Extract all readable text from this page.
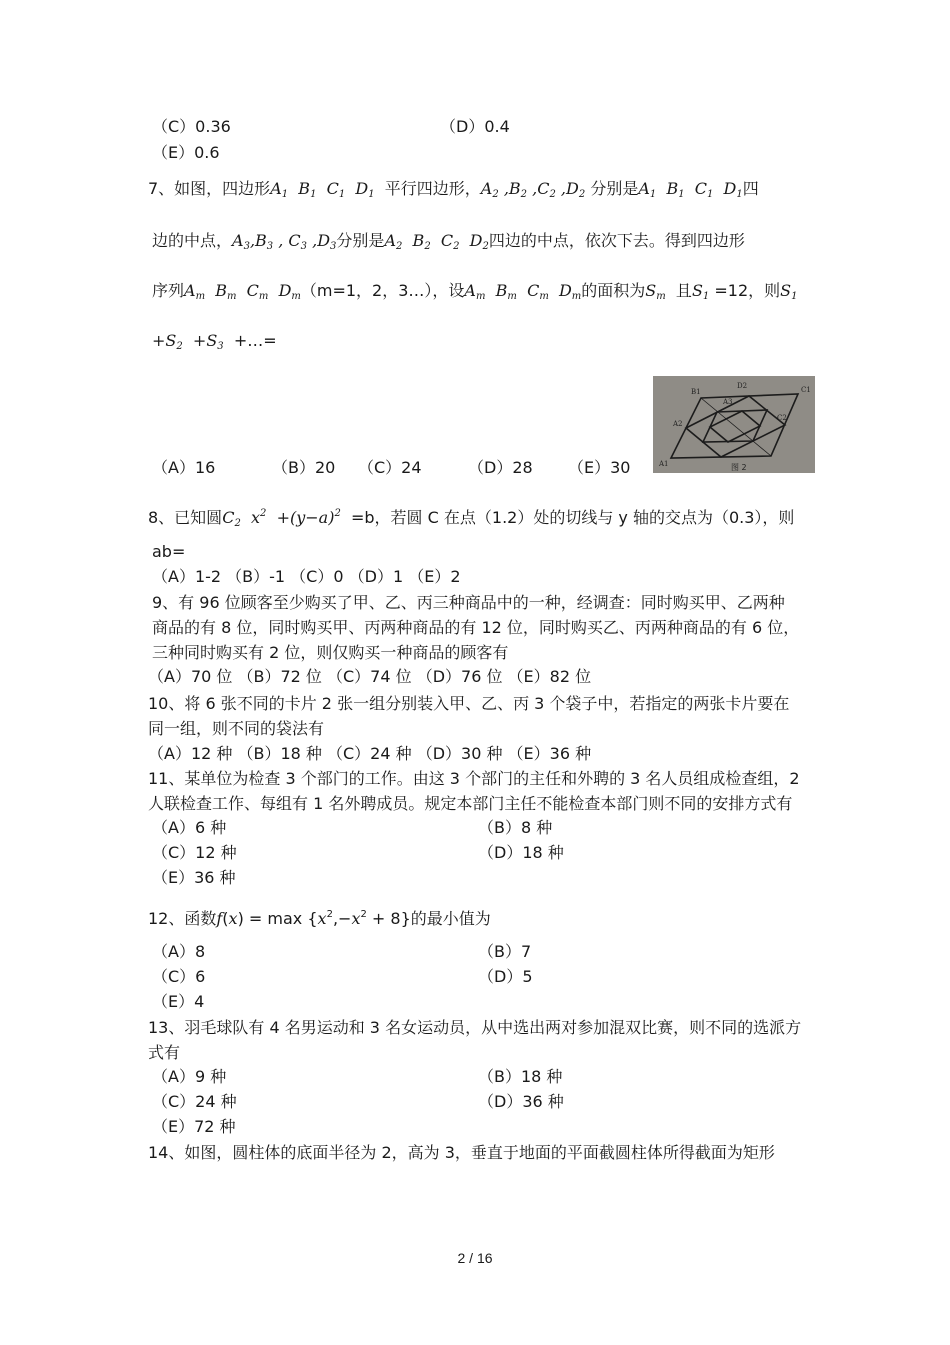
（C）0.36	（D）0.4
（E）0.6
7、如图，四边形$A_1$  $B_1$  $C_1$  $D_1$ 平行四边形，$A_2$ $,B_2$ $,C_2$ $,D_2$ 分别是$A_1$  $B_1$  $C_1$  $D_1$四
边的中点，$A_3,B_3$ , $C_3$ $,D_3$分别是$A_2$  $B_2$  $C_2$  $D_2$四边的中点，依次下去。得到四边形
序列$A_m$  $B_m$  $C_m$  $D_m(m=1$，2，3…），设$A_m$  $B_m$  $C_m$  $D_m$的面积为$S_m$ 且$S_1 =12$，则$S_1$
$+S_2 +S_3$ +…=
A1
B1	C1
D2
C2
A3
A2
图 2
（A）16	（B）20 （C）24	（D）28 （E）30
8、已知圆$C_2$  $x^2 +(y-a)^2 =b$，若圆 C 在点（1.2）处的切线与 y 轴的交点为（0.3），则
ab=
（A）1-2 （B）-1 （C）0 （D）1 （E）2
9、有 96 位顾客至少购买了甲、乙、丙三种商品中的一种，经调查：同时购买甲、乙两种
商品的有 8 位，同时购买甲、丙两种商品的有 12 位，同时购买乙、丙两种商品的有 6 位，
三种同时购买有 2 位，则仅购买一种商品的顾客有
（A）70 位 （B）72 位 （C）74 位 （D）76 位 （E）82 位
10、将 6 张不同的卡片 2 张一组分别装入甲、乙、丙 3 个袋子中，若指定的两张卡片要在
同一组，则不同的袋法有
（A）12 种 （B）18 种 （C）24 种 （D）30 种 （E）36 种
11、某单位为检查 3 个部门的工作。由这 3 个部门的主任和外聘的 3 名人员组成检查组，2
人联检查工作、每组有 1 名外聘成员。规定本部门主任不能检查本部门则不同的安排方式有
（A）6 种	（B）8 种
（C）12 种	（D）18 种
（E）36 种
12、函数$f(x) = \max \{x^2,-x^2 + 8\}$的最小值为
（A）8	（B）7
（C）6	（D）5
（E）4
13、羽毛球队有 4 名男运动和 3 名女运动员，从中选出两对参加混双比赛，则不同的选派方
式有
（A）9 种	（B）18 种
（C）24 种	（D）36 种
（E）72 种
14、如图，圆柱体的底面半径为 2，高为 3，垂直于地面的平面截圆柱体所得截面为矩形
2 / 16
